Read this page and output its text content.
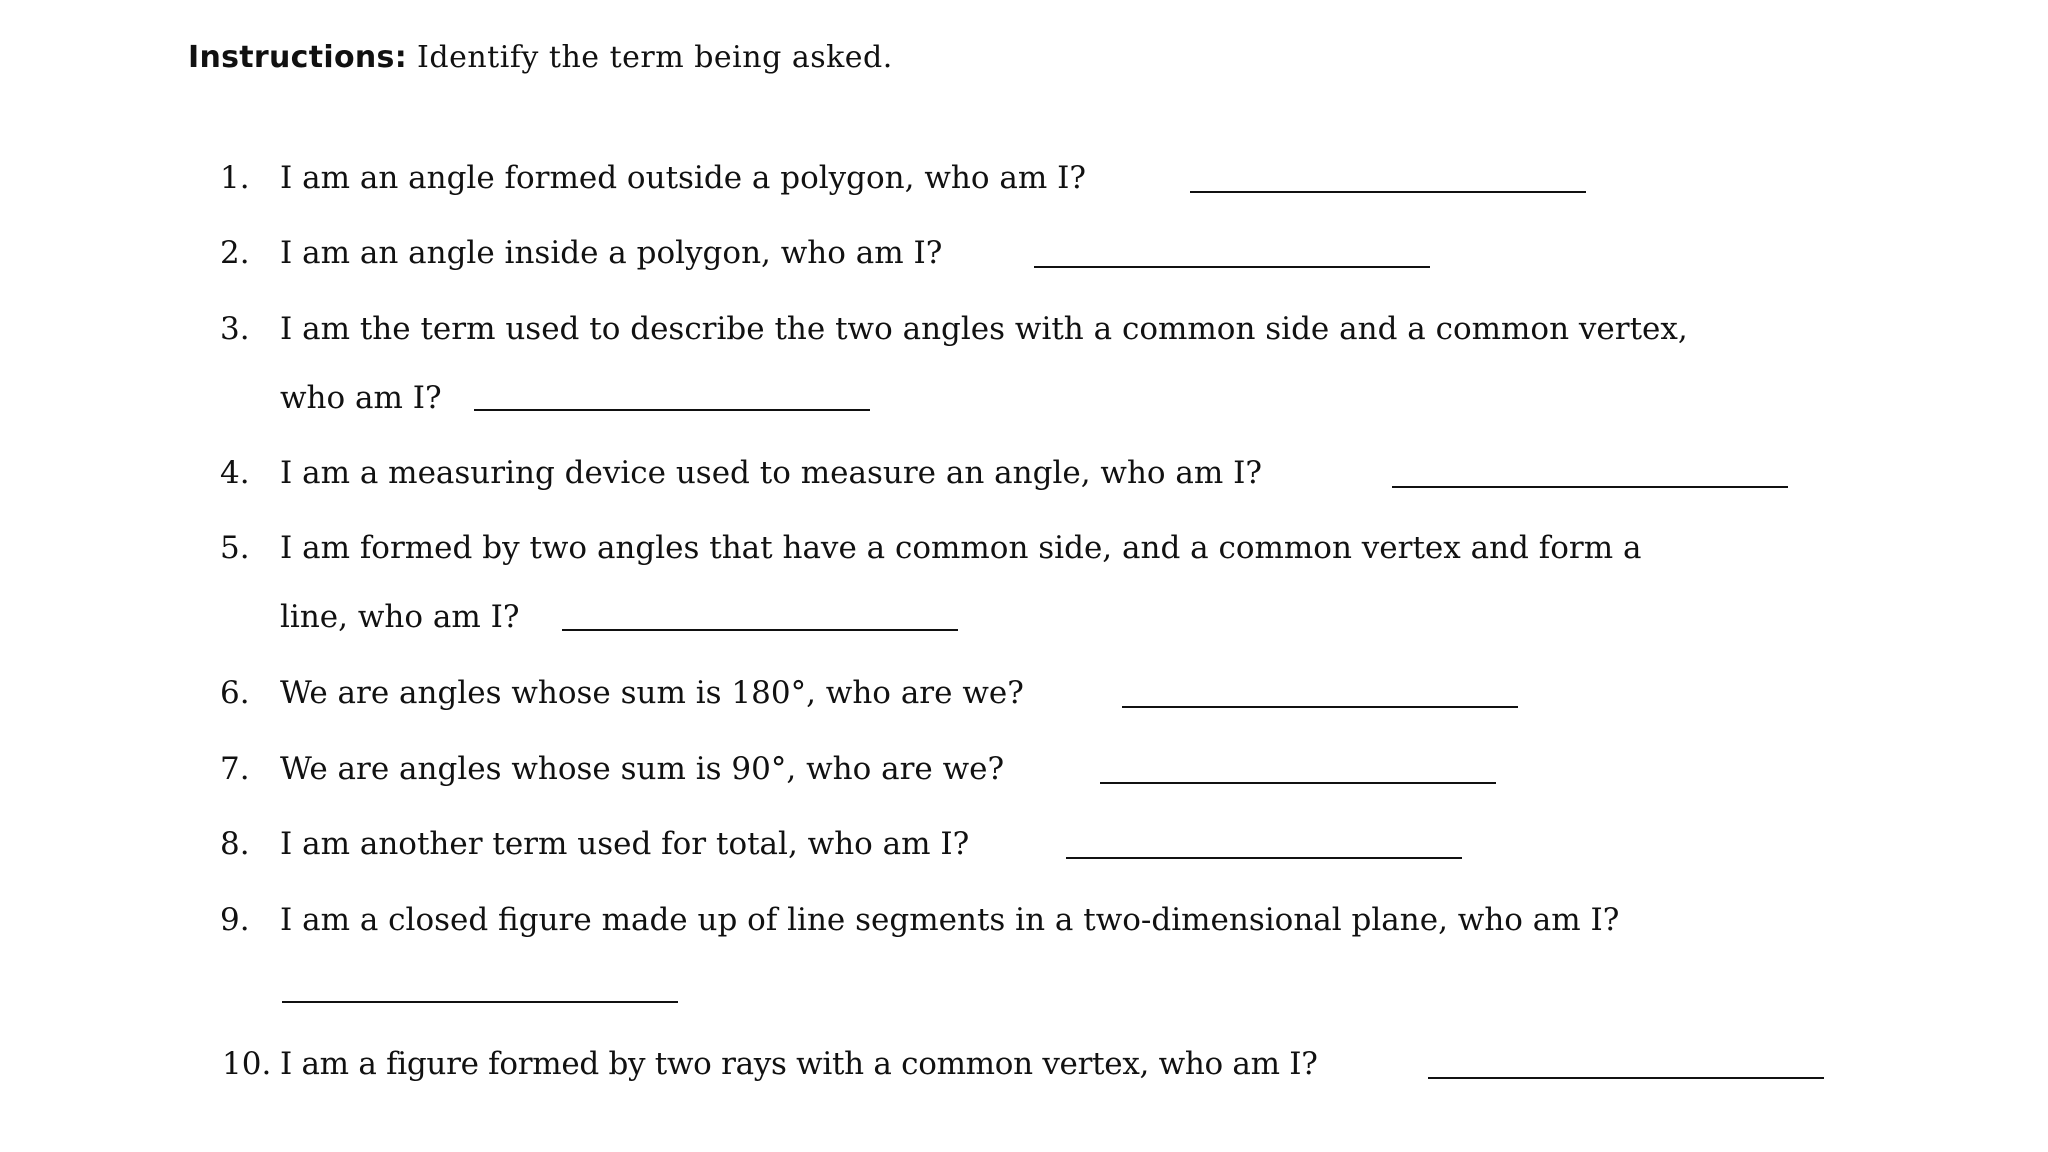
Instructions: Identify the term being asked.
1. I am an angle formed outside a polygon, who am I?
2. I am an angle inside a polygon, who am I?
3. I am the term used to describe the two angles with a common side and a common vertex,
who am I?
4. I am a measuring device used to measure an angle, who am I?
5. I am formed by two angles that have a common side, and a common vertex and form a
line, who am I?
6. We are angles whose sum is 180°, who are we?
7. We are angles whose sum is 90°, who are we?
8. I am another term used for total, who am I?
9. I am a closed figure made up of line segments in a two-dimensional plane, who am I?
10. I am a figure formed by two rays with a common vertex, who am I?
